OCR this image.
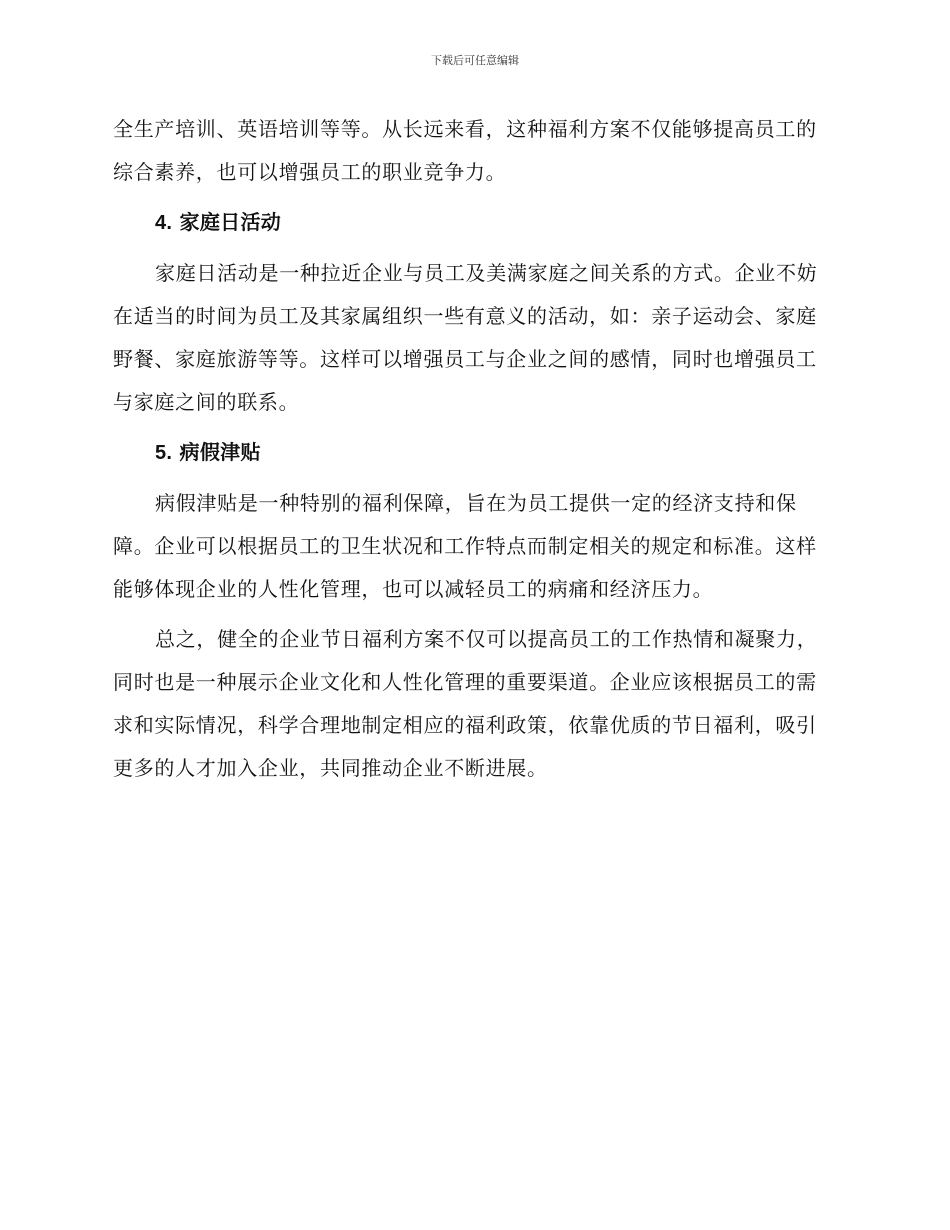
下载后可任意编辑

全生产培训、英语培训等等。从长远来看，这种福利方案不仅能够提高员工的综合素养，也可以增强员工的职业竞争力。

4. 家庭日活动

家庭日活动是一种拉近企业与员工及美满家庭之间关系的方式。企业不妨在适当的时间为员工及其家属组织一些有意义的活动，如：亲子运动会、家庭野餐、家庭旅游等等。这样可以增强员工与企业之间的感情，同时也增强员工与家庭之间的联系。

5. 病假津贴

病假津贴是一种特别的福利保障，旨在为员工提供一定的经济支持和保障。企业可以根据员工的卫生状况和工作特点而制定相关的规定和标准。这样能够体现企业的人性化管理，也可以减轻员工的病痛和经济压力。

总之，健全的企业节日福利方案不仅可以提高员工的工作热情和凝聚力，同时也是一种展示企业文化和人性化管理的重要渠道。企业应该根据员工的需求和实际情况，科学合理地制定相应的福利政策，依靠优质的节日福利，吸引更多的人才加入企业，共同推动企业不断进展。
